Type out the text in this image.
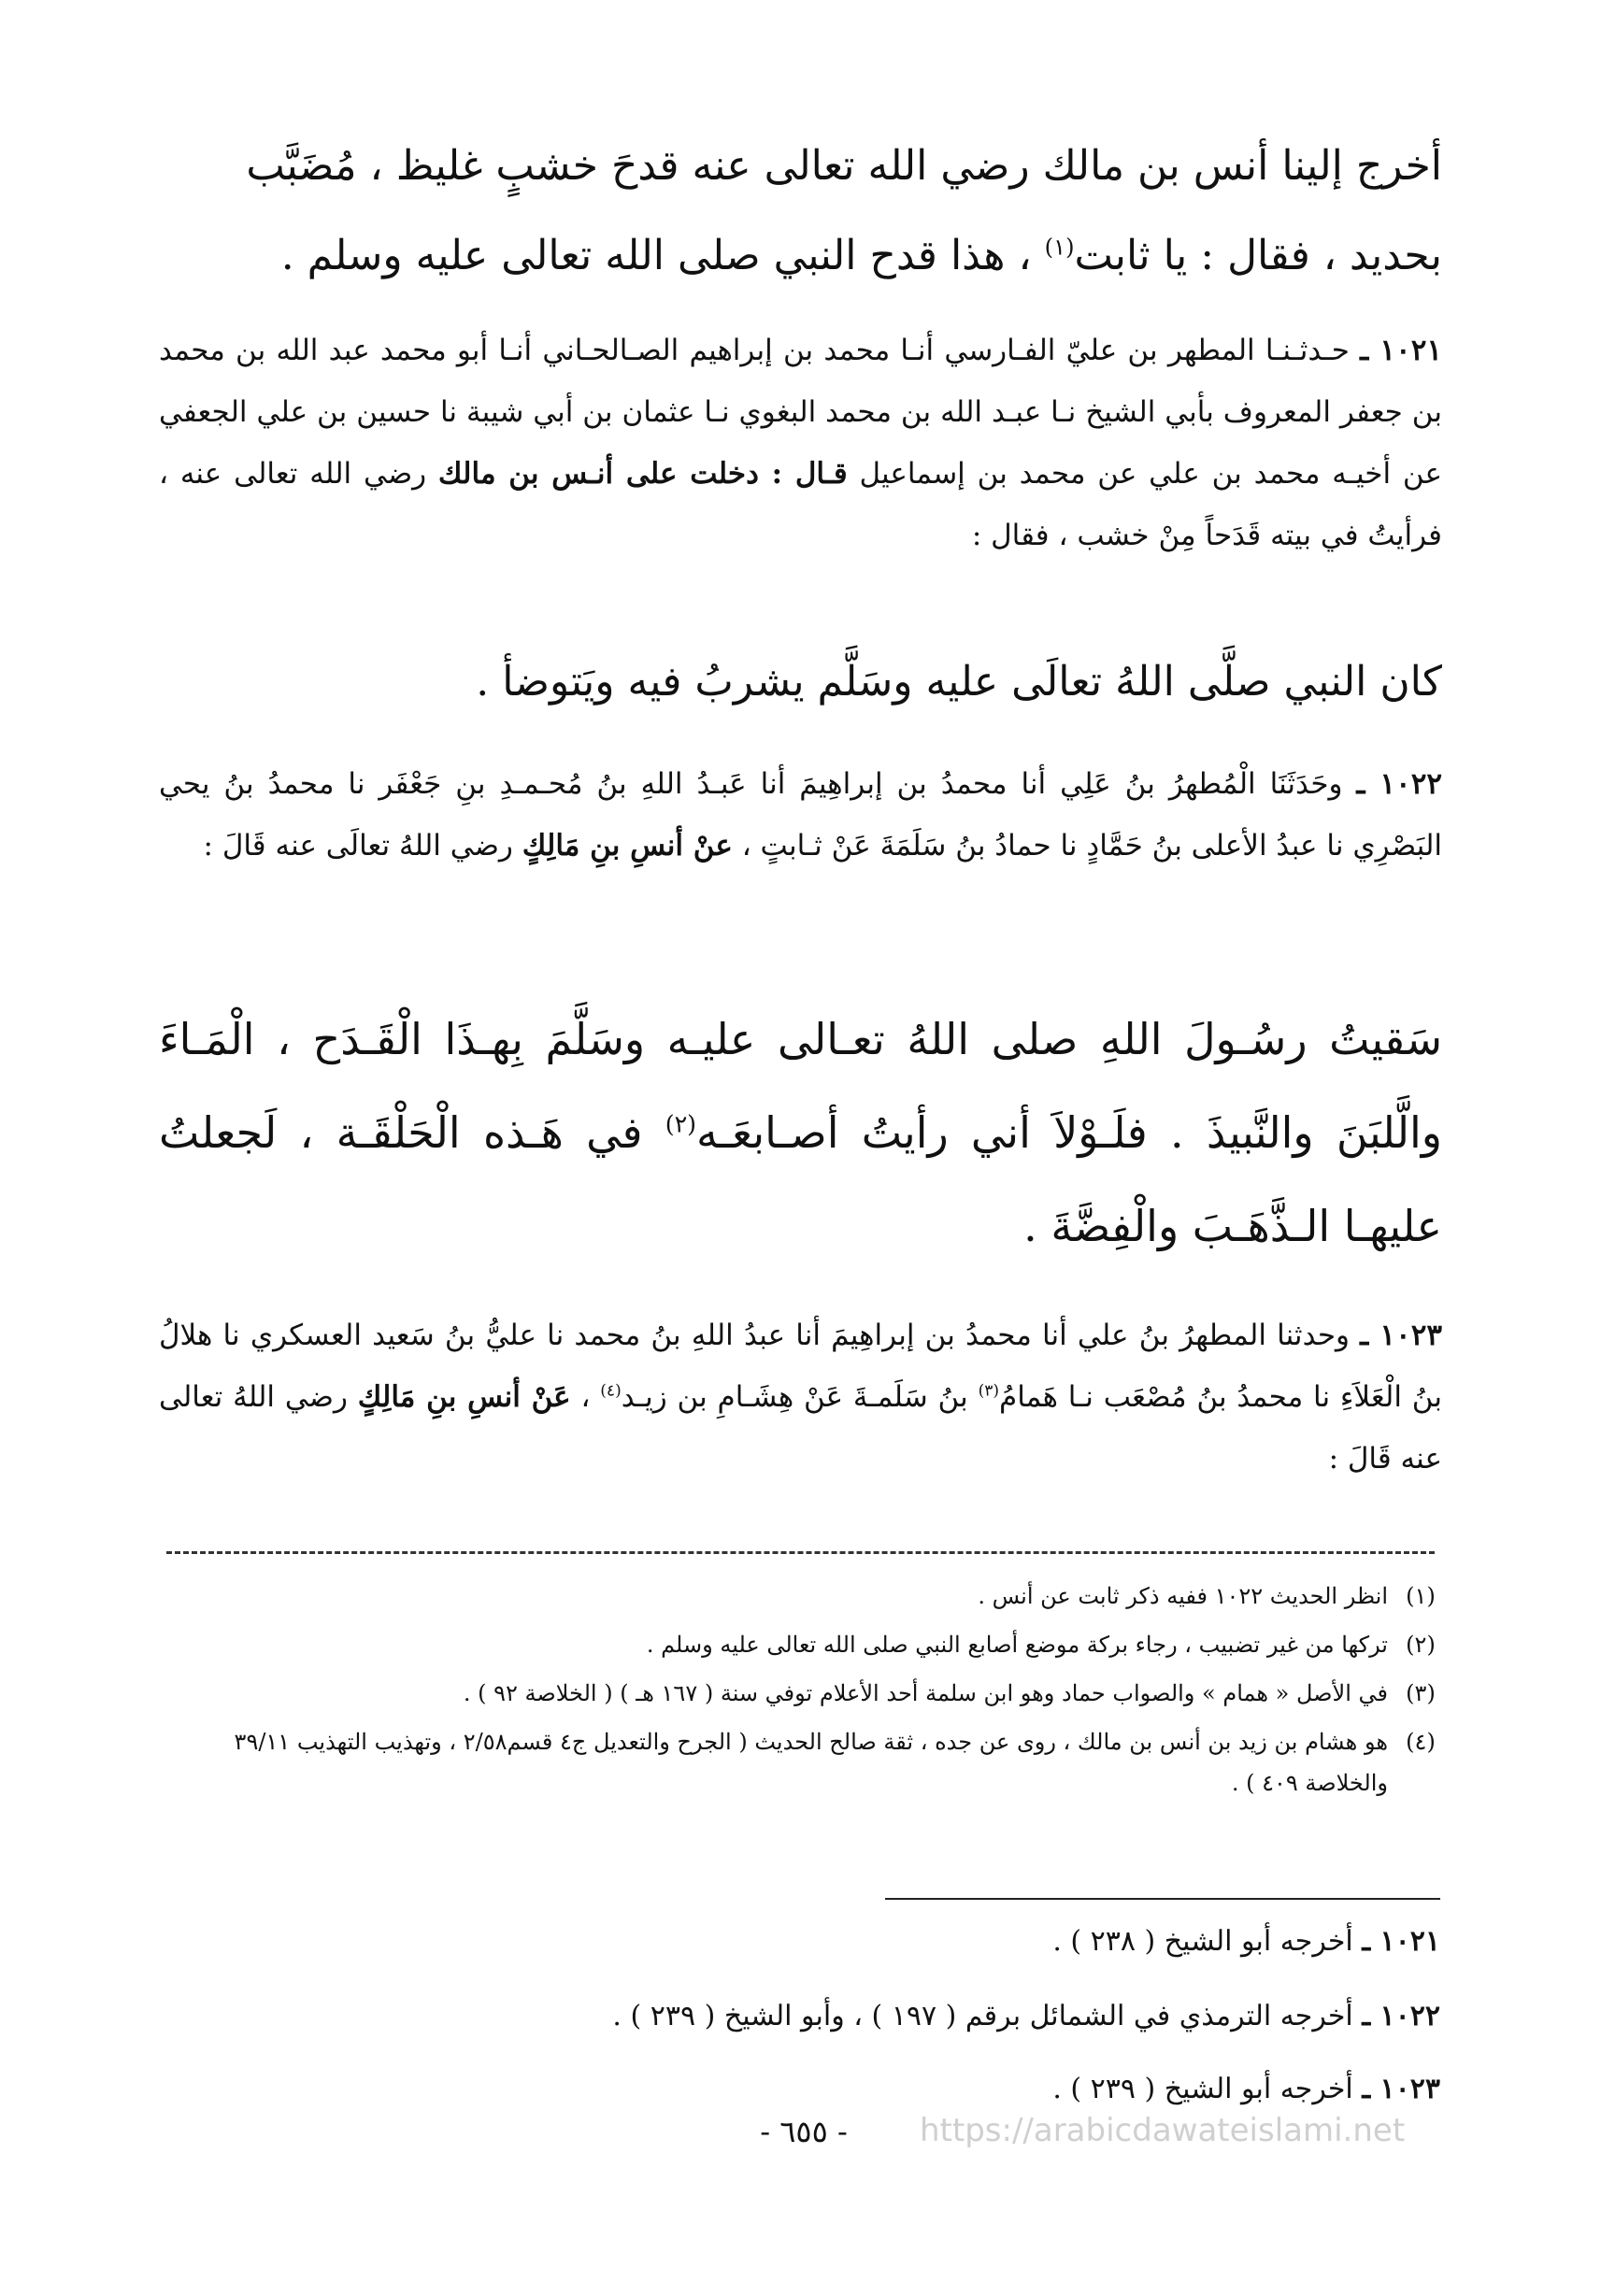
أخرج إلينا أنس بن مالك رضي الله تعالى عنه قدحَ خشبٍ غليظ ، مُضَبَّب
بحديد ، فقال : يا ثابت$^{(١)}$ ، هذا قدح النبي صلى الله تعالى عليه وسلم .
١٠٢١ ـ حـدثـنـا المطهر بن عليّ الفـارسي أنـا محمد بن إبراهيم الصـالحـاني أنـا أبو محمد عبد الله بن محمد بن جعفر المعروف بأبي الشيخ نـا عبـد الله بن محمد البغوي نـا عثمان بن أبي شيبة نا حسين بن علي الجعفي عن أخيـه محمد بن علي عن محمد بن إسماعيل قـال : دخلت على أنـس بن مالك رضي الله تعالى عنه ، فرأيتُ في بيته قَدَحاً مِنْ خشب ، فقال :
كان النبي صلَّى اللهُ تعالَى عليه وسَلَّم يشربُ فيه ويَتوضأ .
١٠٢٢ ـ وحَدَثَنَا الْمُطهرُ بنُ عَلِي أنا محمدُ بن إبراهِيمَ أنا عَبـدُ اللهِ بنُ مُحـمـدِ بنِ جَعْفَر نا محمدُ بنُ يحي البَصْرِي نا عبدُ الأعلى بنُ حَمَّادٍ نا حمادُ بنُ سَلَمَةَ عَنْ ثـابتٍ ، عنْ أنسِ بنِ مَالِكٍ رضي اللهُ تعالَى عنه قَالَ :
سَقيتُ رسُـولَ اللهِ صلى اللهُ تعـالى عليـه وسَلَّمَ بِهـذَا الْقَـدَح ، الْمَـاءَ والَّلبَنَ والنَّبيذَ . فلَـوْلاَ أني رأيتُ أصـابعَـه$^{(٢)}$ في هَـذه الْحَلْقَـة ، لَجعلتُ عليهـا الـذَّهَـبَ والْفِضَّةَ .
١٠٢٣ ـ وحدثنا المطهرُ بنُ علي أنا محمدُ بن إبراهِيمَ أنا عبدُ اللهِ بنُ محمد نا عليُّ بنُ سَعيد العسكري نا هلالُ بنُ الْعَلاَءِ نا محمدُ بنُ مُصْعَب نـا هَمامُ$^{(٣)}$ بنُ سَلَمـةَ عَنْ هِشَـامِ بن زيـد$^{(٤)}$ ، عَنْ أنسِ بنِ مَالِكٍ رضي اللهُ تعالى عنه قَالَ :
(١)
انظر الحديث ١٠٢٢ ففيه ذكر ثابت عن أنس .
(٢)
تركها من غير تضبيب ، رجاء بركة موضع أصابع النبي صلى الله تعالى عليه وسلم .
(٣)
في الأصل « همام » والصواب حماد وهو ابن سلمة أحد الأعلام توفي سنة ( ١٦٧ هـ ) ( الخلاصة ٩٢ ) .
(٤)
هو هشام بن زيد بن أنس بن مالك ، روى عن جده ، ثقة صالح الحديث ( الجرح والتعديل ج٤ قسم٢/٥٨ ، وتهذيب التهذيب ٣٩/١١ والخلاصة ٤٠٩ ) .
١٠٢١ ـ أخرجه أبو الشيخ ( ٢٣٨ ) .
١٠٢٢ ـ أخرجه الترمذي في الشمائل برقم ( ١٩٧ ) ، وأبو الشيخ ( ٢٣٩ ) .
١٠٢٣ ـ أخرجه أبو الشيخ ( ٢٣٩ ) .
- ٦٥٥ -	https://arabicdawateislami.net
